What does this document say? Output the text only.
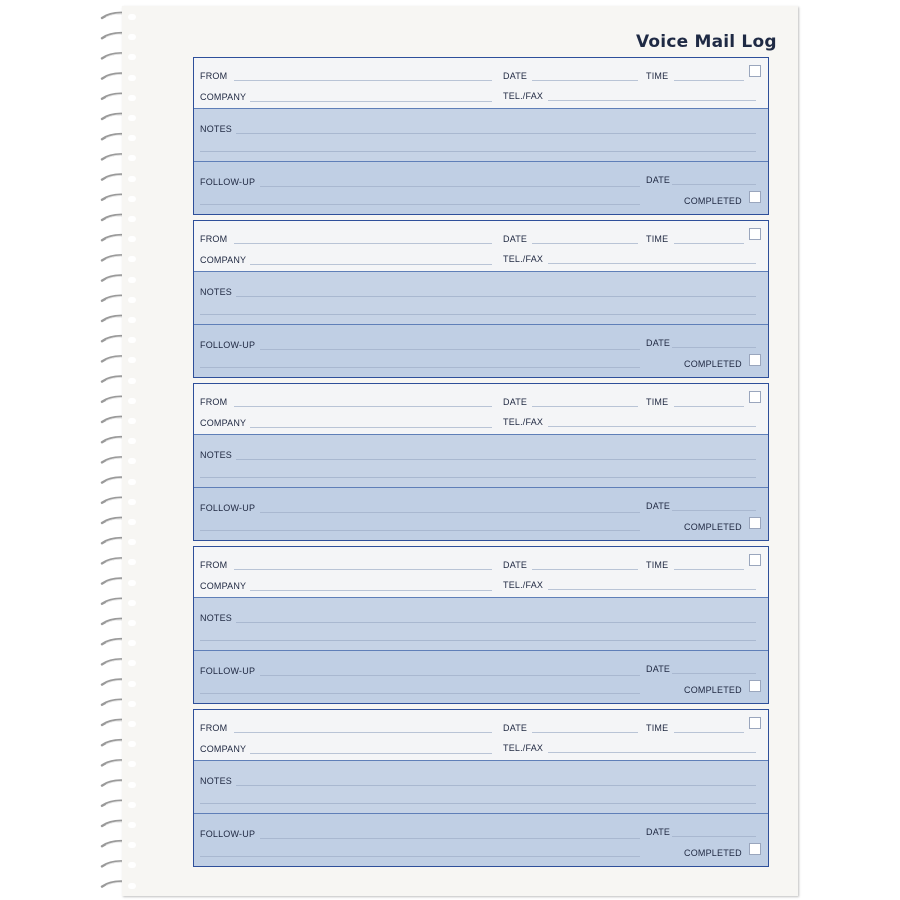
Voice Mail Log
FROM	DATE	TIME
COMPANY	TEL./FAX
NOTES
FOLLOW-UP	DATE
COMPLETED
FROM	DATE	TIME
COMPANY	TEL./FAX
NOTES
FOLLOW-UP	DATE
COMPLETED
FROM	DATE	TIME
COMPANY	TEL./FAX
NOTES
FOLLOW-UP	DATE
COMPLETED
FROM	DATE	TIME
COMPANY	TEL./FAX
NOTES
FOLLOW-UP	DATE
COMPLETED
FROM	DATE	TIME
COMPANY	TEL./FAX
NOTES
FOLLOW-UP	DATE
COMPLETED
